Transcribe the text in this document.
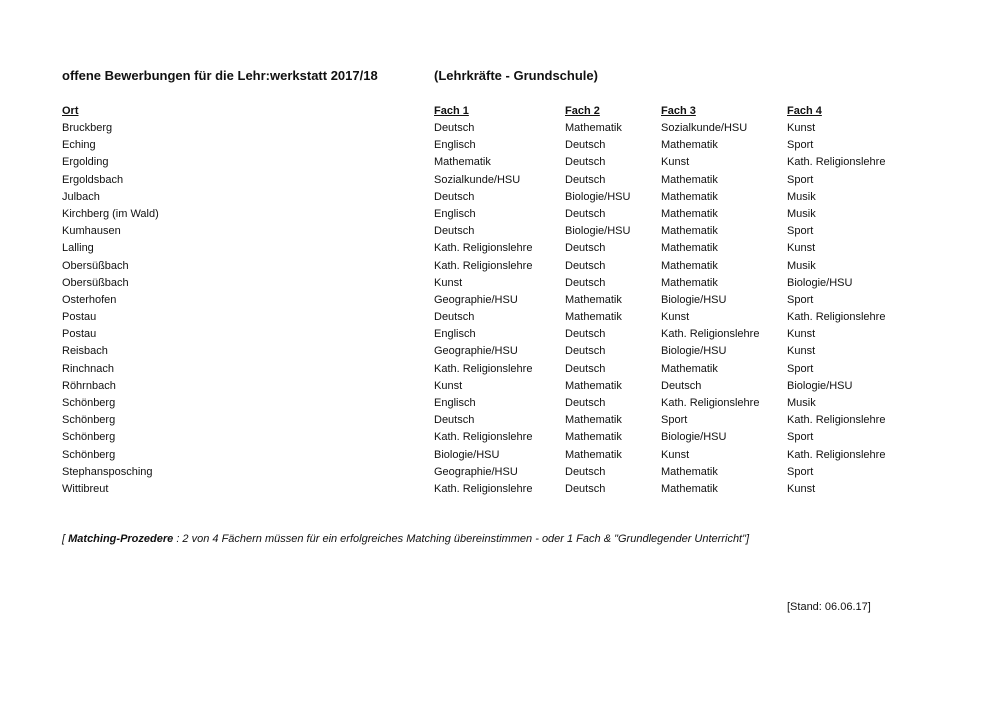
offene Bewerbungen für die Lehr:werkstatt 2017/18	(Lehrkräfte - Grundschule)
Ort	Fach 1	Fach 2	Fach 3	Fach 4
Bruckberg	Deutsch	Mathematik	Sozialkunde/HSU	Kunst
Eching	Englisch	Deutsch	Mathematik	Sport
Ergolding	Mathematik	Deutsch	Kunst	Kath. Religionslehre
Ergoldsbach	Sozialkunde/HSU	Deutsch	Mathematik	Sport
Julbach	Deutsch	Biologie/HSU	Mathematik	Musik
Kirchberg (im Wald)	Englisch	Deutsch	Mathematik	Musik
Kumhausen	Deutsch	Biologie/HSU	Mathematik	Sport
Lalling	Kath. Religionslehre	Deutsch	Mathematik	Kunst
Obersüßbach	Kath. Religionslehre	Deutsch	Mathematik	Musik
Obersüßbach	Kunst	Deutsch	Mathematik	Biologie/HSU
Osterhofen	Geographie/HSU	Mathematik	Biologie/HSU	Sport
Postau	Deutsch	Mathematik	Kunst	Kath. Religionslehre
Postau	Englisch	Deutsch	Kath. Religionslehre	Kunst
Reisbach	Geographie/HSU	Deutsch	Biologie/HSU	Kunst
Rinchnach	Kath. Religionslehre	Deutsch	Mathematik	Sport
Röhrnbach	Kunst	Mathematik	Deutsch	Biologie/HSU
Schönberg	Englisch	Deutsch	Kath. Religionslehre	Musik
Schönberg	Deutsch	Mathematik	Sport	Kath. Religionslehre
Schönberg	Kath. Religionslehre	Mathematik	Biologie/HSU	Sport
Schönberg	Biologie/HSU	Mathematik	Kunst	Kath. Religionslehre
Stephansposching	Geographie/HSU	Deutsch	Mathematik	Sport
Wittibreut	Kath. Religionslehre	Deutsch	Mathematik	Kunst
[ Matching-Prozedere : 2 von 4 Fächern müssen für ein erfolgreiches Matching übereinstimmen - oder 1 Fach & "Grundlegender Unterricht"]
[Stand: 06.06.17]
